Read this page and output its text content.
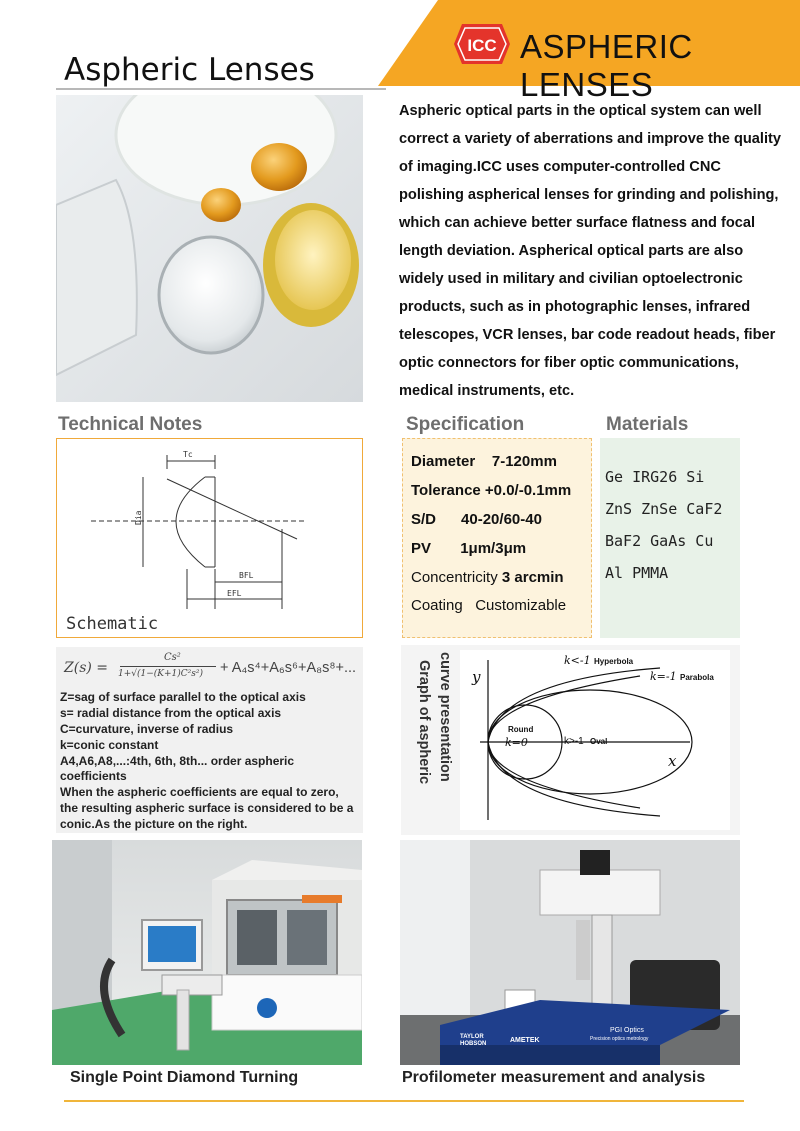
ICC ASPHERIC LENSES
Aspheric Lenses
Aspheric optical parts in the optical system can well correct a variety of aberrations and improve the quality of imaging.ICC uses computer-controlled CNC polishing aspherical lenses for grinding and polishing, which can achieve better surface flatness and focal length deviation. Aspherical optical parts are also widely used in military and civilian optoelectronic products, such as in photographic lenses, infrared telescopes, VCR lenses, bar code readout heads, fiber optic connectors for fiber optic communications, medical instruments, etc.
Technical Notes	Specification	Materials
Tc
Dia
BFL
EFL
Schematic
Diameter 7-120mm
Tolerance +0.0/-0.1mm
S/D 40-20/60-40
PV 1μm/3μm
Concentricity 3 arcmin
Coating Customizable
Ge IRG26 Si
ZnS ZnSe CaF2
BaF2 GaAs Cu
Al PMMA
Z(s) =
Cs²
1+√(1−(K+1)C²s²) + A₄s⁴+A₆s⁶+A₈s⁸+...
Z=sag of surface parallel to the optical axis
s= radial distance from the optical axis
C=curvature, inverse of radius
k=conic constant
A4,A6,A8,...:4th, 6th, 8th... order aspheric
coefficients
When the aspheric coefficients are equal to zero,
the resulting aspheric surface is considered to be a
conic.As the picture on the right.
Graph of aspheric curve presentation y
x
k<-1 Hyperbola
k=-1 Parabola
Round
k=0	k>-1 Oval
TAYLOR
HOBSON	AMETEK
PGI Optics
Precision optics metrology
Single Point Diamond Turning	Profilometer measurement and analysis
